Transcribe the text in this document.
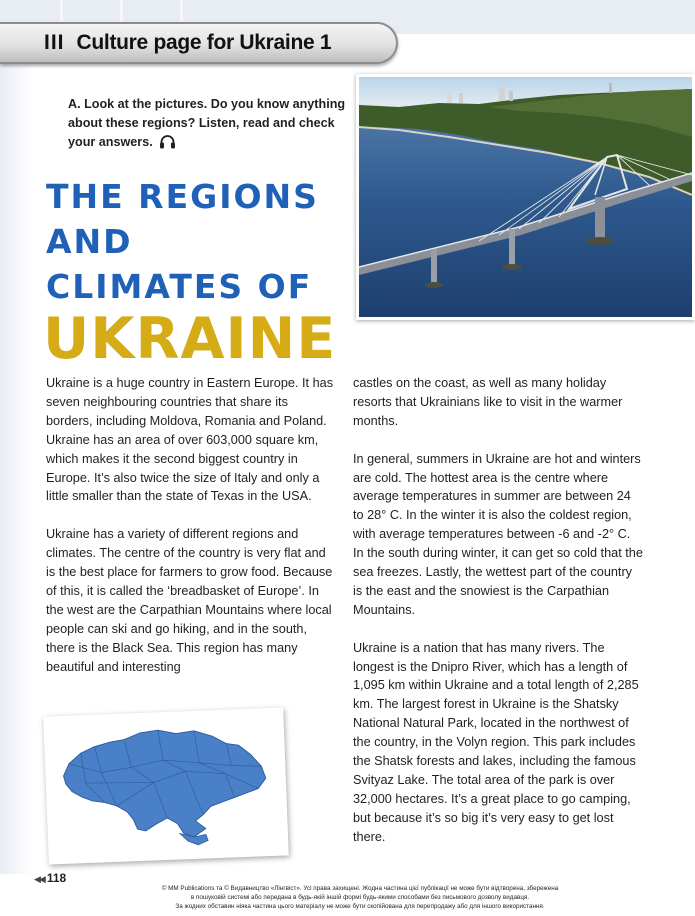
III Culture page for Ukraine 1
A. Look at the pictures. Do you know anything about these regions? Listen, read and check your answers.
THE REGIONS
AND
CLIMATES OF
UKRAINE

Ukraine is a huge country in Eastern Europe. It has seven neighbouring countries that share its borders, including Moldova, Romania and Poland. Ukraine has an area of over 603,000 square km, which makes it the second biggest country in Europe. It’s also twice the size of Italy and only a little smaller than the state of Texas in the USA.

Ukraine has a variety of different regions and climates. The centre of the country is very flat and is the best place for farmers to grow food. Because of this, it is called the ‘breadbasket of Europe’. In the west are the Carpathian Mountains where local people can ski and go hiking, and in the south, there is the Black Sea. This region has many beautiful and interesting

castles on the coast, as well as many holiday resorts that Ukrainians like to visit in the warmer months.

In general, summers in Ukraine are hot and winters are cold. The hottest area is the centre where average temperatures in summer are between 24 to 28° C. In the winter it is also the coldest region, with average temperatures between -6 and -2° C. In the south during winter, it can get so cold that the sea freezes. Lastly, the wettest part of the country is the east and the snowiest is the Carpathian Mountains.

Ukraine is a nation that has many rivers. The longest is the Dnipro River, which has a length of 1,095 km within Ukraine and a total length of 2,285 km. The largest forest in Ukraine is the Shatsky National Natural Park, located in the northwest of the country, in the Volyn region. This park includes the Shatsk forests and lakes, including the famous Svityaz Lake. The total area of the park is over 32,000 hectares. It’s a great place to go camping, but because it’s so big it’s very easy to get lost there.

◀◀ 118
© MM Publications та © Видавництво «Лінгвіст». Усі права захищені. Жодна частина цієї публікації не може бути відтворена, збережена
в пошуковій системі або передана в будь-якій іншій формі будь-якими способами без письмового дозволу видавця.
За жодних обставин ніяка частина цього матеріалу не може бути скопійована для перепродажу або для іншого використання.
